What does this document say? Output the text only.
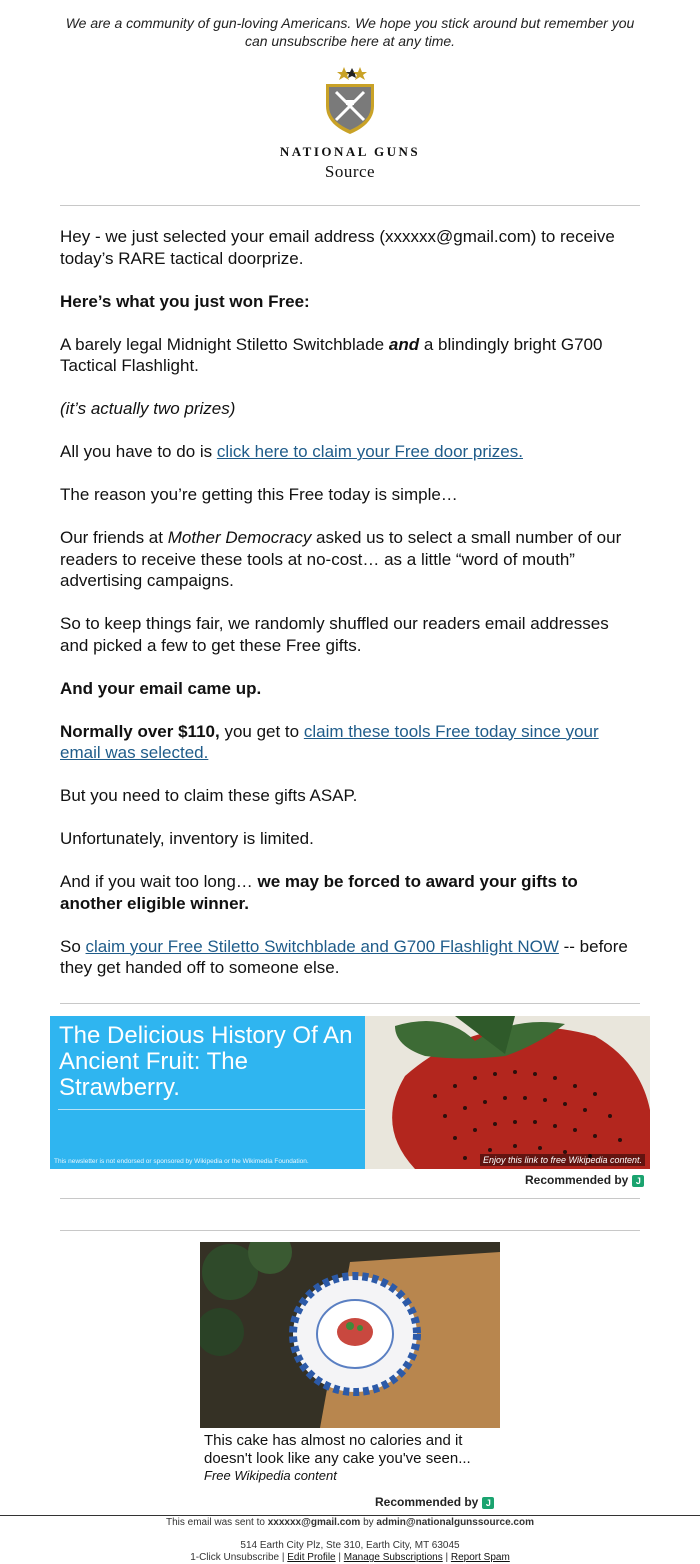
We are a community of gun-loving Americans. We hope you stick around but remember you can unsubscribe here at any time.
NATIONAL GUNS
Source

Hey - we just selected your email address (xxxxxx@gmail.com) to receive today’s RARE tactical doorprize.

Here’s what you just won Free:

A barely legal Midnight Stiletto Switchblade and a blindingly bright G700 Tactical Flashlight.

(it’s actually two prizes)

All you have to do is click here to claim your Free door prizes.

The reason you’re getting this Free today is simple…

Our friends at Mother Democracy asked us to select a small number of our readers to receive these tools at no-cost… as a little “word of mouth” advertising campaigns.

So to keep things fair, we randomly shuffled our readers email addresses and picked a few to get these Free gifts.

And your email came up.

Normally over $110, you get to claim these tools Free today since your email was selected.

But you need to claim these gifts ASAP.

Unfortunately, inventory is limited.

And if you wait too long… we may be forced to award your gifts to another eligible winner.

So claim your Free Stiletto Switchblade and G700 Flashlight NOW -- before they get handed off to someone else.

The Delicious History Of An Ancient Fruit: The Strawberry.
This newsletter is not endorsed or sponsored by Wikipedia or the Wikimedia Foundation.	Enjoy this link to free Wikipedia content.
Recommended by J
This cake has almost no calories and it doesn't look like any cake you've seen...
Free Wikipedia content
Recommended by J
This email was sent to xxxxxx@gmail.com by admin@nationalgunssource.com
514 Earth City Plz, Ste 310, Earth City, MT 63045
1-Click Unsubscribe | Edit Profile | Manage Subscriptions | Report Spam
